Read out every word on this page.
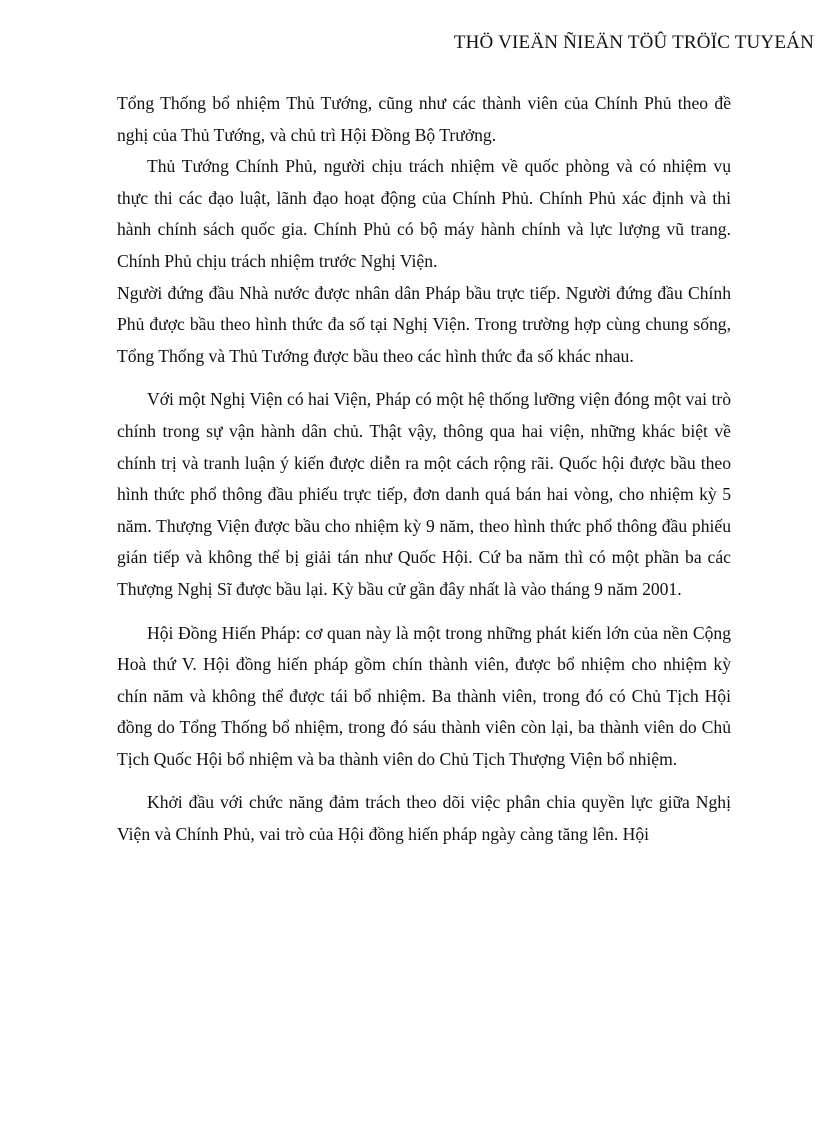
THÖ VIEÄN ÑIEÄN TÖÛ TRÖÏC TUYEÁN

Tổng Thống bổ nhiệm Thủ Tướng, cũng như các thành viên của Chính Phủ theo đề nghị của Thủ Tướng, và chủ trì Hội Đồng Bộ Trưởng.

Thủ Tướng Chính Phủ, người chịu trách nhiệm về quốc phòng và có nhiệm vụ thực thi các đạo luật, lãnh đạo hoạt động của Chính Phủ. Chính Phủ xác định và thi hành chính sách quốc gia. Chính Phủ có bộ máy hành chính và lực lượng vũ trang. Chính Phủ chịu trách nhiệm trước Nghị Viện.

Người đứng đầu Nhà nước được nhân dân Pháp bầu trực tiếp. Người đứng đầu Chính Phủ được bầu theo hình thức đa số tại Nghị Viện. Trong trường hợp cùng chung sống, Tổng Thống và Thủ Tướng được bầu theo các hình thức đa số khác nhau.

Với một Nghị Viện có hai Viện, Pháp có một hệ thống lưỡng viện đóng một vai trò chính trong sự vận hành dân chủ. Thật vậy, thông qua hai viện, những khác biệt về chính trị và tranh luận ý kiến được diễn ra một cách rộng rãi. Quốc hội được bầu theo hình thức phổ thông đầu phiếu trực tiếp, đơn danh quá bán hai vòng, cho nhiệm kỳ 5 năm. Thượng Viện được bầu cho nhiệm kỳ 9 năm, theo hình thức phổ thông đầu phiếu gián tiếp và không thể bị giải tán như Quốc Hội. Cứ ba năm thì có một phần ba các Thượng Nghị Sĩ được bầu lại. Kỳ bầu cử gần đây nhất là vào tháng 9 năm 2001.

Hội Đồng Hiến Pháp: cơ quan này là một trong những phát kiến lớn của nền Cộng Hoà thứ V. Hội đồng hiến pháp gồm chín thành viên, được bổ nhiệm cho nhiệm kỳ chín năm và không thể được tái bổ nhiệm. Ba thành viên, trong đó có Chủ Tịch Hội đồng do Tổng Thống bổ nhiệm, trong đó sáu thành viên còn lại, ba thành viên do Chủ Tịch Quốc Hội bổ nhiệm và ba thành viên do Chủ Tịch Thượng Viện bổ nhiệm.

Khởi đầu với chức năng đảm trách theo dõi việc phân chia quyền lực giữa Nghị Viện và Chính Phủ, vai trò của Hội đồng hiến pháp ngày càng tăng lên. Hội
